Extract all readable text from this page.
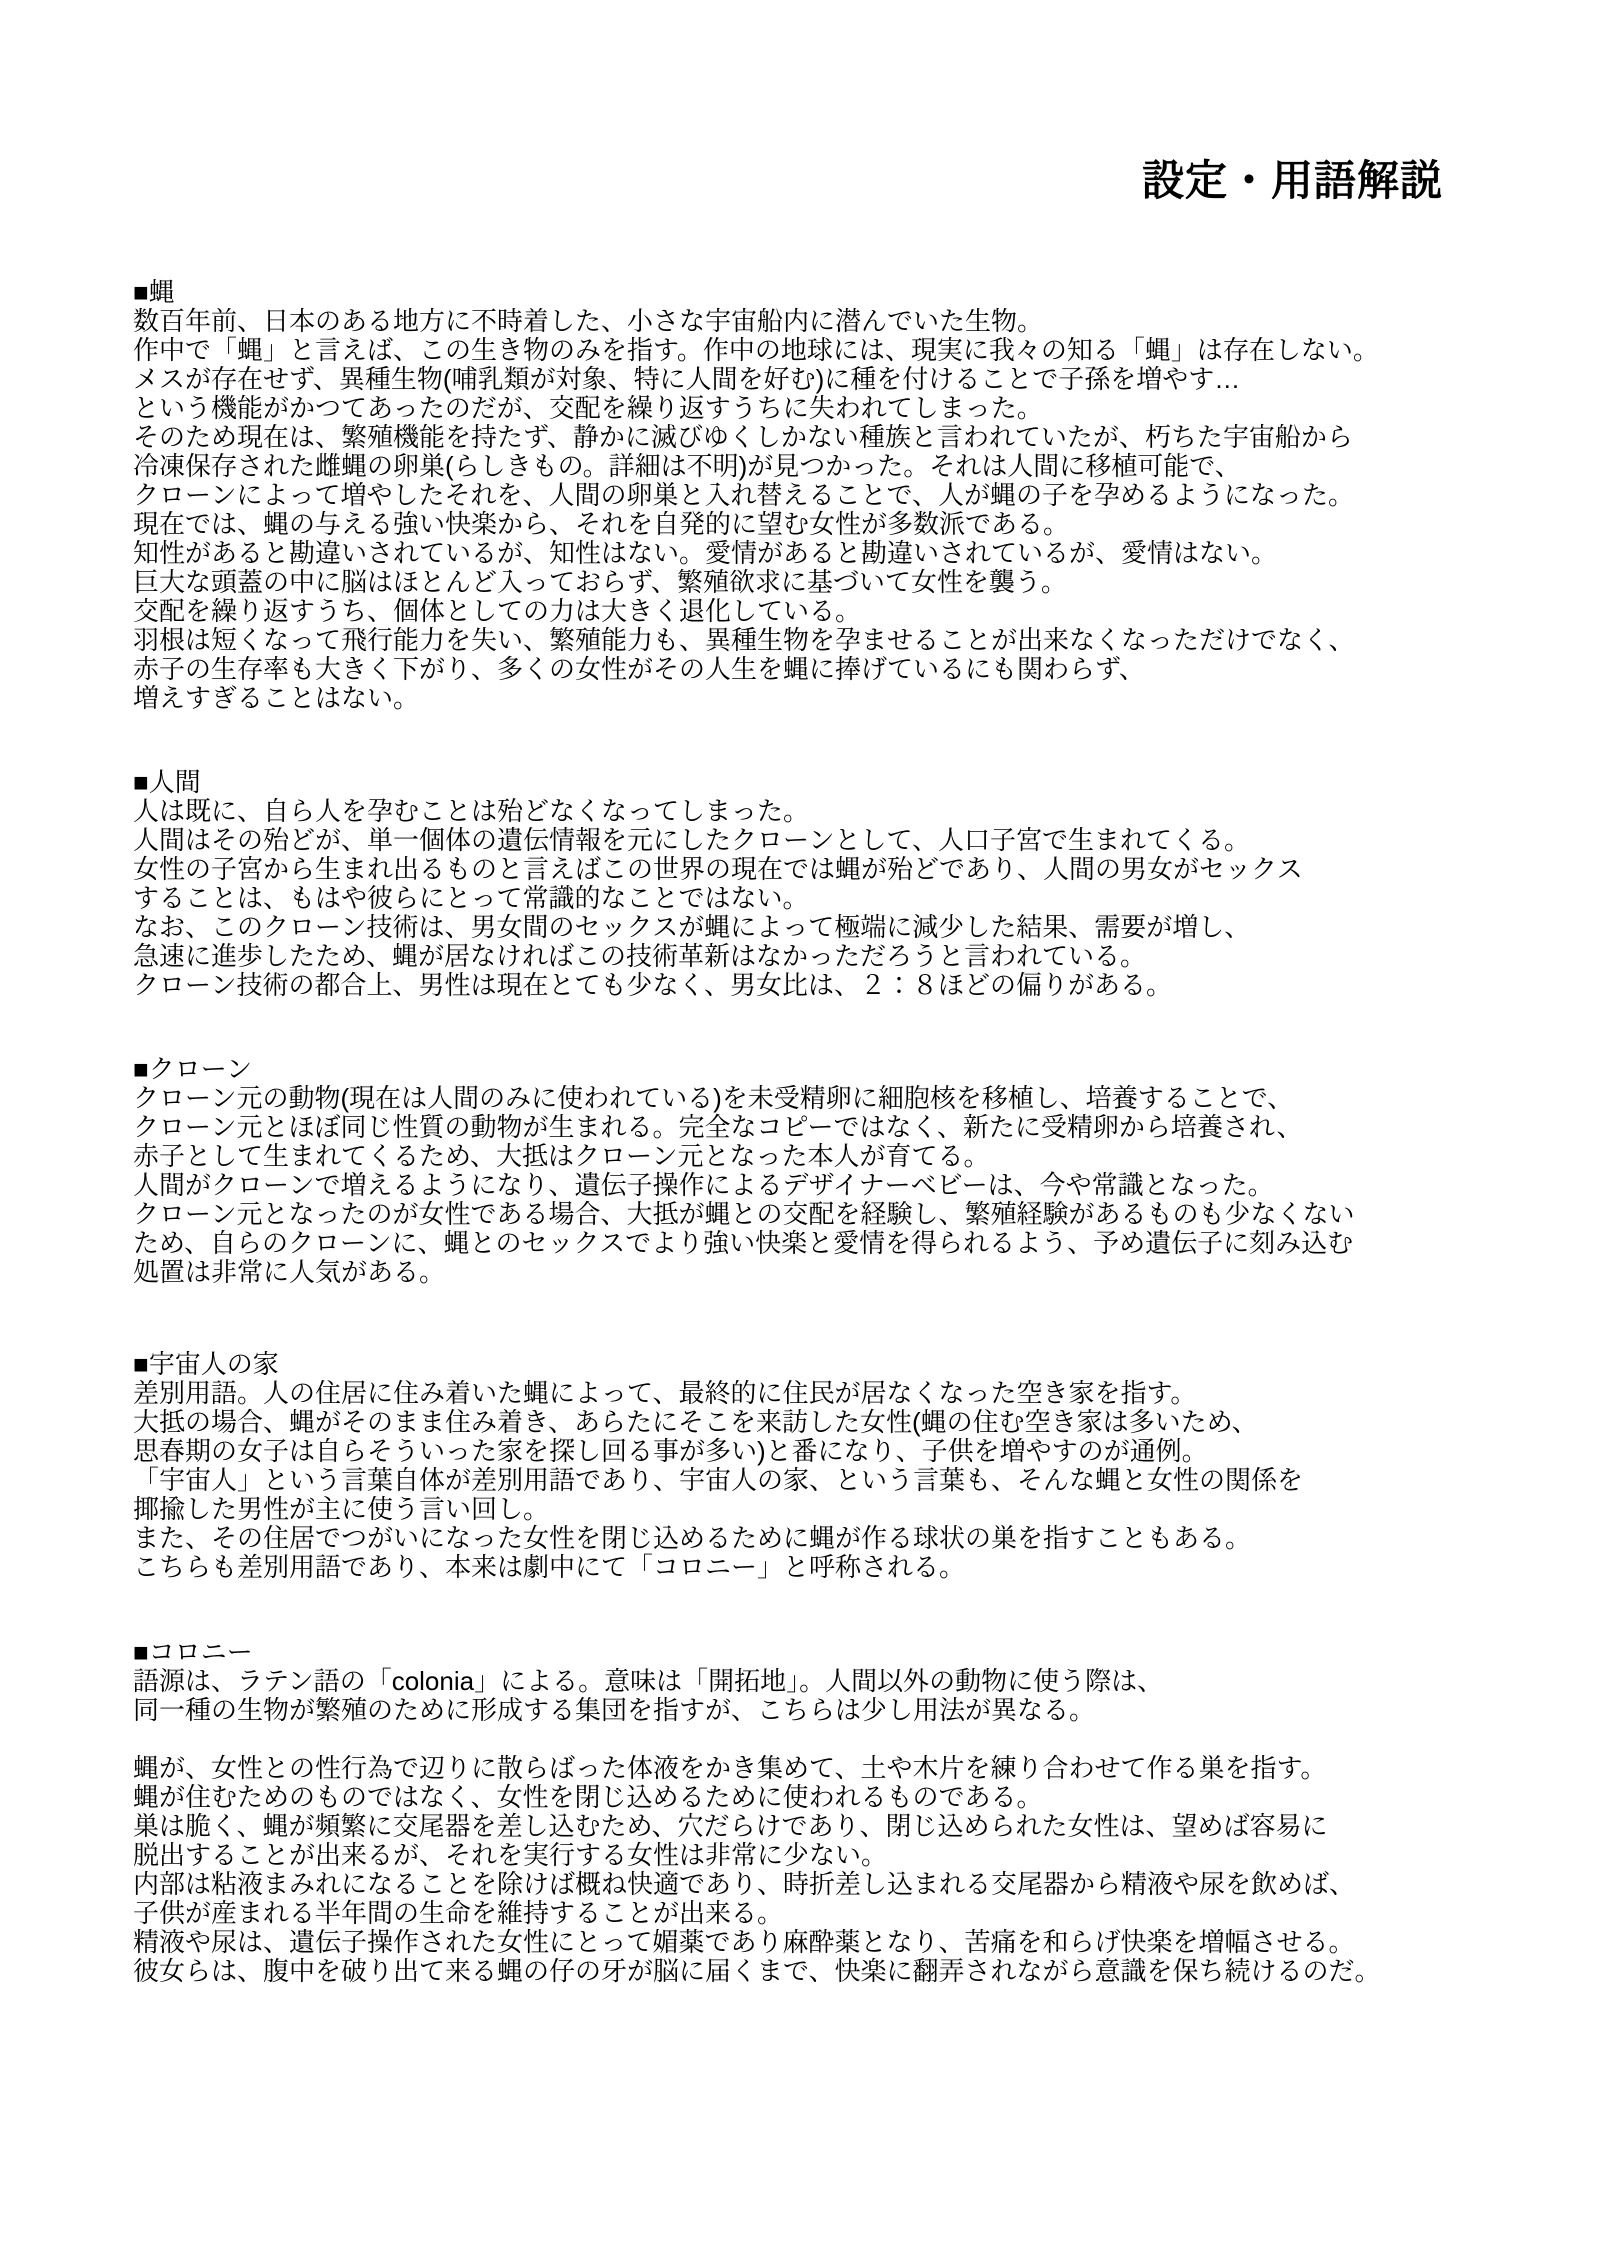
設定・用語解説
■蝿
数百年前、日本のある地方に不時着した、小さな宇宙船内に潜んでいた生物。
作中で「蝿」と言えば、この生き物のみを指す。作中の地球には、現実に我々の知る「蝿」は存在しない。
メスが存在せず、異種生物(哺乳類が対象、特に人間を好む)に種を付けることで子孫を増やす…
という機能がかつてあったのだが、交配を繰り返すうちに失われてしまった。
そのため現在は、繁殖機能を持たず、静かに滅びゆくしかない種族と言われていたが、朽ちた宇宙船から
冷凍保存された雌蝿の卵巣(らしきもの。詳細は不明)が見つかった。それは人間に移植可能で、
クローンによって増やしたそれを、人間の卵巣と入れ替えることで、人が蝿の子を孕めるようになった。
現在では、蝿の与える強い快楽から、それを自発的に望む女性が多数派である。
知性があると勘違いされているが、知性はない。愛情があると勘違いされているが、愛情はない。
巨大な頭蓋の中に脳はほとんど入っておらず、繁殖欲求に基づいて女性を襲う。
交配を繰り返すうち、個体としての力は大きく退化している。
羽根は短くなって飛行能力を失い、繁殖能力も、異種生物を孕ませることが出来なくなっただけでなく、
赤子の生存率も大きく下がり、多くの女性がその人生を蝿に捧げているにも関わらず、
増えすぎることはない。
■人間
人は既に、自ら人を孕むことは殆どなくなってしまった。
人間はその殆どが、単一個体の遺伝情報を元にしたクローンとして、人口子宮で生まれてくる。
女性の子宮から生まれ出るものと言えばこの世界の現在では蝿が殆どであり、人間の男女がセックス
することは、もはや彼らにとって常識的なことではない。
なお、このクローン技術は、男女間のセックスが蝿によって極端に減少した結果、需要が増し、
急速に進歩したため、蝿が居なければこの技術革新はなかっただろうと言われている。
クローン技術の都合上、男性は現在とても少なく、男女比は、２：８ほどの偏りがある。
■クローン
クローン元の動物(現在は人間のみに使われている)を未受精卵に細胞核を移植し、培養することで、
クローン元とほぼ同じ性質の動物が生まれる。完全なコピーではなく、新たに受精卵から培養され、
赤子として生まれてくるため、大抵はクローン元となった本人が育てる。
人間がクローンで増えるようになり、遺伝子操作によるデザイナーベビーは、今や常識となった。
クローン元となったのが女性である場合、大抵が蝿との交配を経験し、繁殖経験があるものも少なくない
ため、自らのクローンに、蝿とのセックスでより強い快楽と愛情を得られるよう、予め遺伝子に刻み込む
処置は非常に人気がある。
■宇宙人の家
差別用語。人の住居に住み着いた蝿によって、最終的に住民が居なくなった空き家を指す。
大抵の場合、蝿がそのまま住み着き、あらたにそこを来訪した女性(蝿の住む空き家は多いため、
思春期の女子は自らそういった家を探し回る事が多い)と番になり、子供を増やすのが通例。
「宇宙人」という言葉自体が差別用語であり、宇宙人の家、という言葉も、そんな蝿と女性の関係を
揶揄した男性が主に使う言い回し。
また、その住居でつがいになった女性を閉じ込めるために蝿が作る球状の巣を指すこともある。
こちらも差別用語であり、本来は劇中にて「コロニー」と呼称される。
■コロニー
語源は、ラテン語の「colonia」による。意味は「開拓地」。人間以外の動物に使う際は、
同一種の生物が繁殖のために形成する集団を指すが、こちらは少し用法が異なる。
蝿が、女性との性行為で辺りに散らばった体液をかき集めて、土や木片を練り合わせて作る巣を指す。
蝿が住むためのものではなく、女性を閉じ込めるために使われるものである。
巣は脆く、蝿が頻繁に交尾器を差し込むため、穴だらけであり、閉じ込められた女性は、望めば容易に
脱出することが出来るが、それを実行する女性は非常に少ない。
内部は粘液まみれになることを除けば概ね快適であり、時折差し込まれる交尾器から精液や尿を飲めば、
子供が産まれる半年間の生命を維持することが出来る。
精液や尿は、遺伝子操作された女性にとって媚薬であり麻酔薬となり、苦痛を和らげ快楽を増幅させる。
彼女らは、腹中を破り出て来る蝿の仔の牙が脳に届くまで、快楽に翻弄されながら意識を保ち続けるのだ。
